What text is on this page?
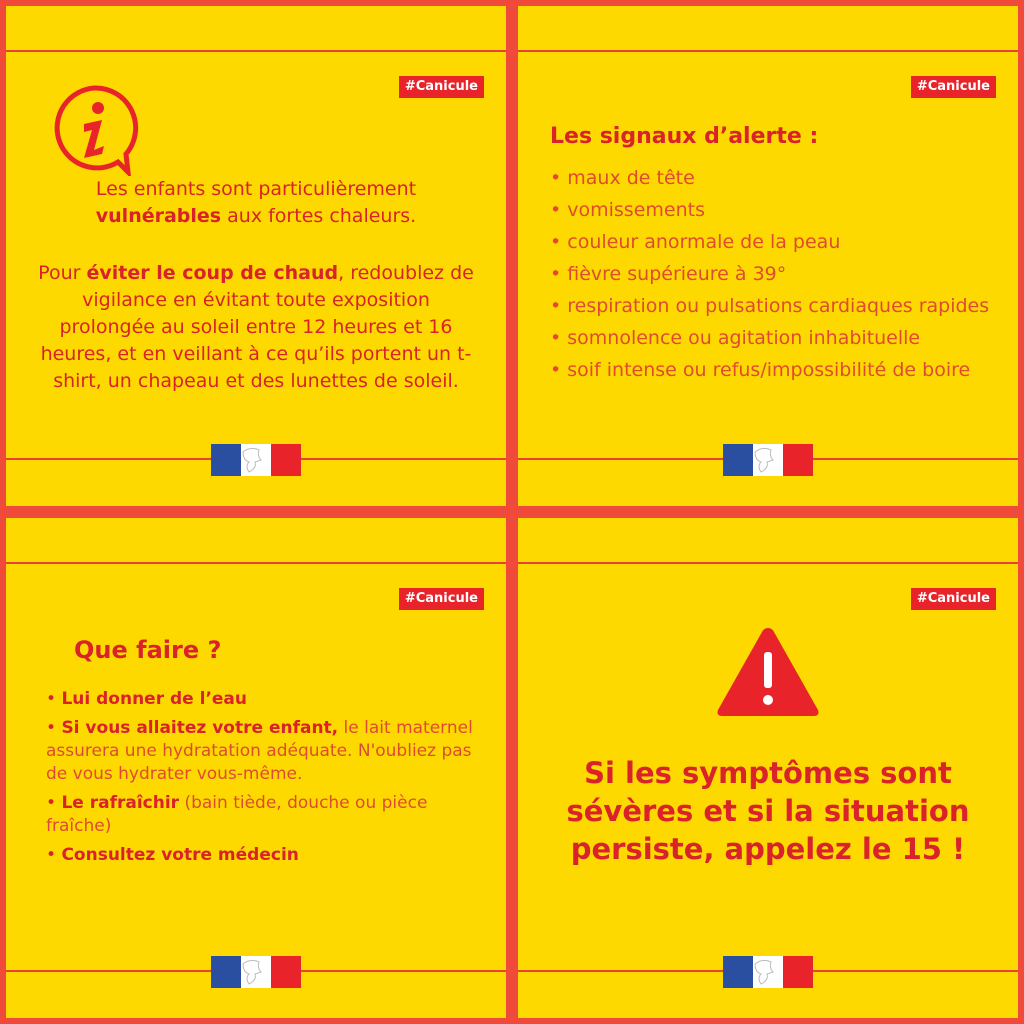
#Canicule
Les enfants sont particulièrement vulnérables aux fortes chaleurs.
Pour éviter le coup de chaud, redoublez de vigilance en évitant toute exposition prolongée au soleil entre 12 heures et 16 heures, et en veillant à ce qu’ils portent un t-shirt, un chapeau et des lunettes de soleil.
#Canicule
Les signaux d’alerte :
• maux de tête
• vomissements
• couleur anormale de la peau
• fièvre supérieure à 39°
• respiration ou pulsations cardiaques rapides
• somnolence ou agitation inhabituelle
• soif intense ou refus/impossibilité de boire
#Canicule
Que faire ?
• Lui donner de l’eau
• Si vous allaitez votre enfant, le lait maternel assurera une hydratation adéquate. N'oubliez pas de vous hydrater vous-même.
• Le rafraîchir (bain tiède, douche ou pièce fraîche)
• Consultez votre médecin
#Canicule
Si les symptômes sont sévères et si la situation persiste, appelez le 15 !
